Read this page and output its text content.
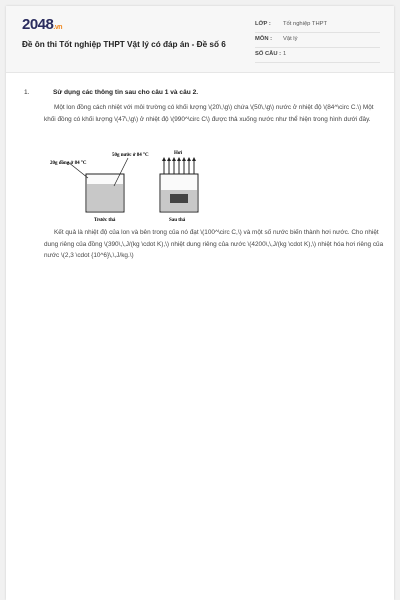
2048.vn
Đề ôn thi Tốt nghiệp THPT Vật lý có đáp án - Đề số 6
LỚP : Tốt nghiệp THPT
MÔN : Vật lý
SỐ CÂU : 1
1.	Sử dụng các thông tin sau cho câu 1 và câu 2.
Một lon đồng cách nhiệt với môi trường có khối lượng \(20\,\g\) chứa \(50\,\g\) nước ở nhiệt độ \(84^\circ C.\) Một khối đồng có khối lượng \(47\,\g\) ở nhiệt độ \(990^\circ C\) được thả xuống nước như thể hiện trong hình dưới đây.
20g đồng ở 84 °C
50g nước ở 84 °C	Hơi
Trước thả	Sau thả
Kết quả là nhiệt độ của lon và bên trong của nó đạt \(100^\circ C,\) và một số nước biến thành hơi nước. Cho nhiệt dung riêng của đồng \(390\,\,J/(kg \cdot K),\) nhiệt dung riêng của nước \(4200\,\,J/(kg \cdot K),\) nhiệt hóa hơi riêng của nước \(2,3 \cdot {10^6}\,\,J/kg.\)
